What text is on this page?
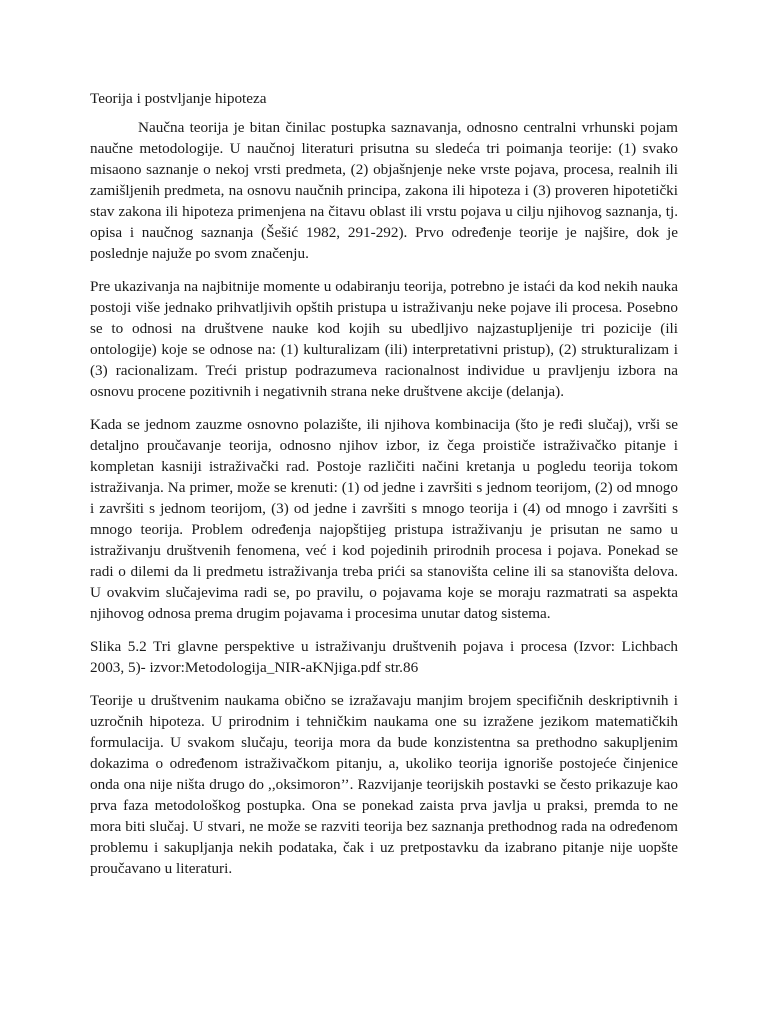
Teorija i postvljanje hipoteza

Naučna teorija je bitan činilac postupka saznavanja, odnosno centralni vrhunski pojam naučne metodologije. U naučnoj literaturi prisutna su sledeća tri poimanja teorije: (1) svako misaono saznanje o nekoj vrsti predmeta, (2) objašnjenje neke vrste pojava, procesa, realnih ili zamišljenih predmeta, na osnovu naučnih principa, zakona ili hipoteza i (3) proveren hipotetički stav zakona ili hipoteza primenjena na čitavu oblast ili vrstu pojava u cilju njihovog saznanja, tj. opisa i naučnog saznanja (Šešić 1982, 291-292). Prvo određenje teorije je najšire, dok je poslednje najuže po svom značenju.

Pre ukazivanja na najbitnije momente u odabiranju teorija, potrebno je istaći da kod nekih nauka postoji više jednako prihvatljivih opštih pristupa u istraživanju neke pojave ili procesa. Posebno se to odnosi na društvene nauke kod kojih su ubedljivo najzastupljenije tri pozicije (ili ontologije) koje se odnose na: (1) kulturalizam (ili) interpretativni pristup), (2) strukturalizam i (3) racionalizam. Treći pristup podrazumeva racionalnost individue u pravljenju izbora na osnovu procene pozitivnih i negativnih strana neke društvene akcije (delanja).

Kada se jednom zauzme osnovno polazište, ili njihova kombinacija (što je ređi slučaj), vrši se detaljno proučavanje teorija, odnosno njihov izbor, iz čega proističe istraživačko pitanje i kompletan kasniji istraživački rad. Postoje različiti načini kretanja u pogledu teorija tokom istraživanja. Na primer, može se krenuti: (1) od jedne i završiti s jednom teorijom, (2) od mnogo i završiti s jednom teorijom, (3) od jedne i završiti s mnogo teorija i (4) od mnogo i završiti s mnogo teorija. Problem određenja najopštijeg pristupa istraživanju je prisutan ne samo u istraživanju društvenih fenomena, već i kod pojedinih prirodnih procesa i pojava. Ponekad se radi o dilemi da li predmetu istraživanja treba prići sa stanovišta celine ili sa stanovišta delova. U ovakvim slučajevima radi se, po pravilu, o pojavama koje se moraju razmatrati sa aspekta njihovog odnosa prema drugim pojavama i procesima unutar datog sistema.

Slika 5.2 Tri glavne perspektive u istraživanju društvenih pojava i procesa (Izvor: Lichbach 2003, 5)- izvor:Metodologija_NIR-aKNjiga.pdf str.86

Teorije u društvenim naukama obično se izražavaju manjim brojem specifičnih deskriptivnih i uzročnih hipoteza. U prirodnim i tehničkim naukama one su izražene jezikom matematičkih formulacija. U svakom slučaju, teorija mora da bude konzistentna sa prethodno sakupljenim dokazima o određenom istraživačkom pitanju, a, ukoliko teorija ignoriše postojeće činjenice onda ona nije ništa drugo do ,,oksimoron’’. Razvijanje teorijskih postavki se često prikazuje kao prva faza metodološkog postupka. Ona se ponekad zaista prva javlja u praksi, premda to ne mora biti slučaj. U stvari, ne može se razviti teorija bez saznanja prethodnog rada na određenom problemu i sakupljanja nekih podataka, čak i uz pretpostavku da izabrano pitanje nije uopšte proučavano u literaturi.
